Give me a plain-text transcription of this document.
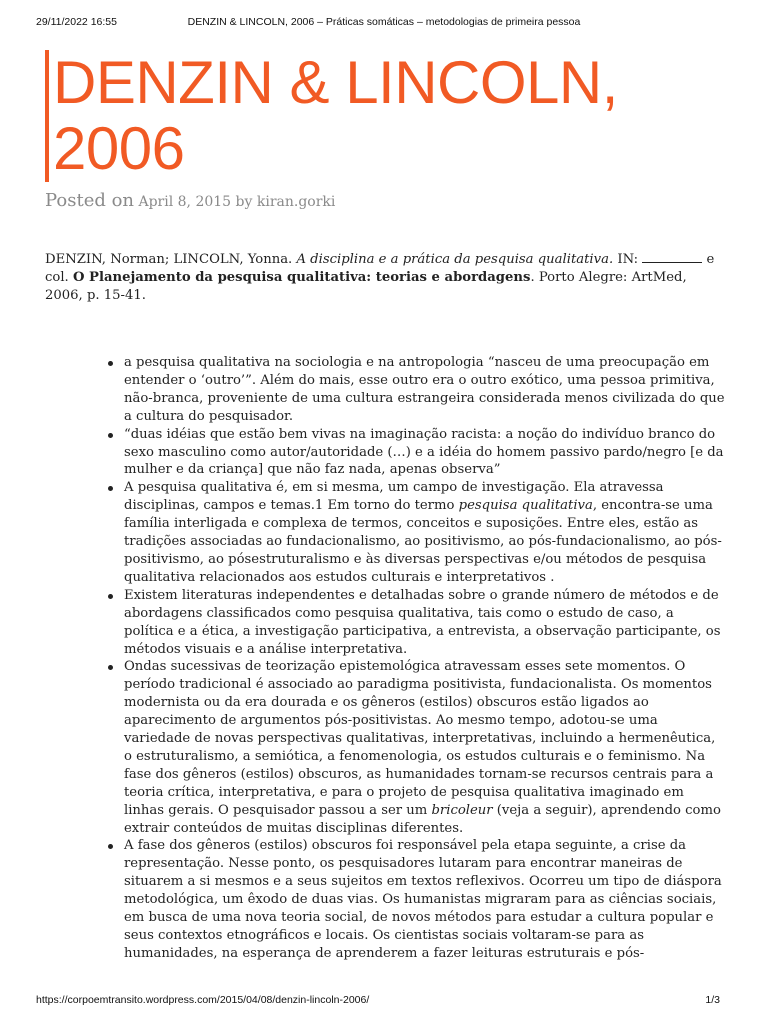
29/11/2022 16:55	DENZIN & LINCOLN, 2006 – Práticas somáticas – metodologias de primeira pessoa
DENZIN & LINCOLN, 2006
Posted on April 8, 2015 by kiran.gorki

DENZIN, Norman; LINCOLN, Yonna. A disciplina e a prática da pesquisa qualitativa. IN:	e col. O Planejamento da pesquisa qualitativa: teorias e abordagens. Porto Alegre: ArtMed, 2006, p. 15-41.

a pesquisa qualitativa na sociologia e na antropologia “nasceu de uma preocupação em entender o ‘outro’”. Além do mais, esse outro era o outro exótico, uma pessoa primitiva, não-branca, proveniente de uma cultura estrangeira considerada menos civilizada do que a cultura do pesquisador.
“duas idéias que estão bem vivas na imaginação racista: a noção do indivíduo branco do sexo masculino como autor/autoridade (…) e a idéia do homem passivo pardo/negro [e da mulher e da criança] que não faz nada, apenas observa”
A pesquisa qualitativa é, em si mesma, um campo de investigação. Ela atravessa disciplinas, campos e temas.1 Em torno do termo pesquisa qualitativa, encontra-se uma família interligada e complexa de termos, conceitos e suposições. Entre eles, estão as tradições associadas ao fundacionalismo, ao positivismo, ao pós-fundacionalismo, ao pós-positivismo, ao pósestruturalismo e às diversas perspectivas e/ou métodos de pesquisa qualitativa relacionados aos estudos culturais e interpretativos .
Existem literaturas independentes e detalhadas sobre o grande número de métodos e de abordagens classificados como pesquisa qualitativa, tais como o estudo de caso, a política e a ética, a investigação participativa, a entrevista, a observação participante, os métodos visuais e a análise interpretativa.
Ondas sucessivas de teorização epistemológica atravessam esses sete momentos. O período tradicional é associado ao paradigma positivista, fundacionalista. Os momentos modernista ou da era dourada e os gêneros (estilos) obscuros estão ligados ao aparecimento de argumentos pós-positivistas. Ao mesmo tempo, adotou-se uma variedade de novas perspectivas qualitativas, interpretativas, incluindo a hermenêutica, o estruturalismo, a semiótica, a fenomenologia, os estudos culturais e o feminismo. Na fase dos gêneros (estilos) obscuros, as humanidades tornam-se recursos centrais para a teoria crítica, interpretativa, e para o projeto de pesquisa qualitativa imaginado em linhas gerais. O pesquisador passou a ser um bricoleur (veja a seguir), aprendendo como extrair conteúdos de muitas disciplinas diferentes.
A fase dos gêneros (estilos) obscuros foi responsável pela etapa seguinte, a crise da representação. Nesse ponto, os pesquisadores lutaram para encontrar maneiras de situarem a si mesmos e a seus sujeitos em textos reflexivos. Ocorreu um tipo de diáspora metodológica, um êxodo de duas vias. Os humanistas migraram para as ciências sociais, em busca de uma nova teoria social, de novos métodos para estudar a cultura popular e seus contextos etnográficos e locais. Os cientistas sociais voltaram-se para as humanidades, na esperança de aprenderem a fazer leituras estruturais e pós-
https://corpoemtransito.wordpress.com/2015/04/08/denzin-lincoln-2006/	1/3
